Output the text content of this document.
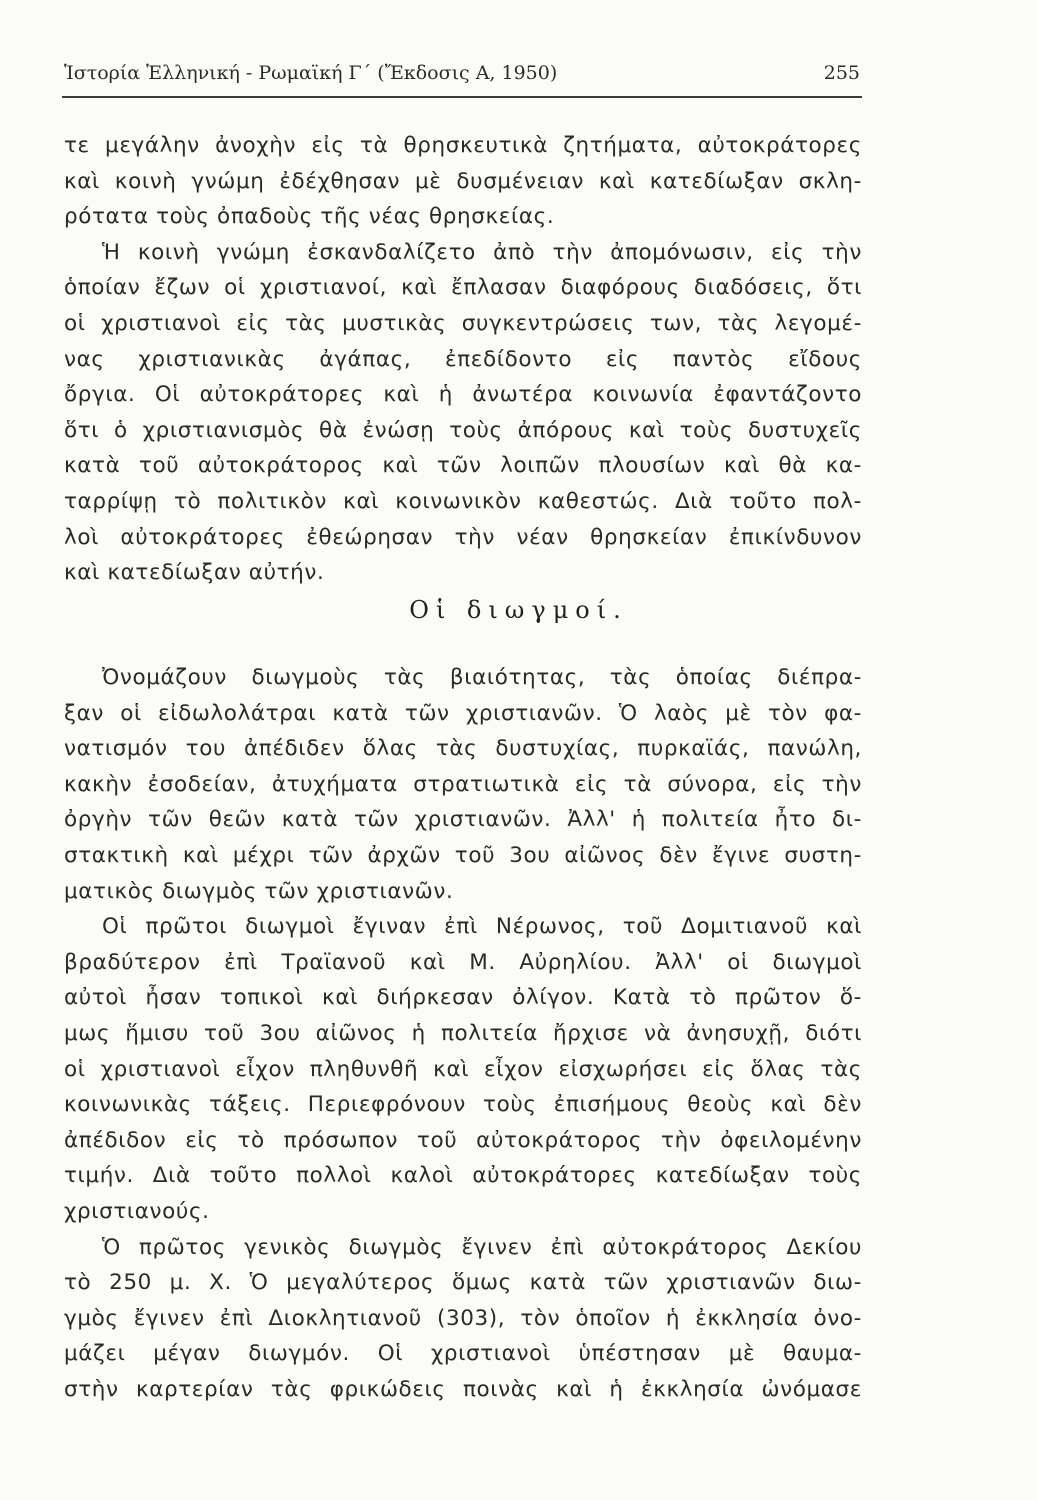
Ἱστορία Ἑλληνική - Ρωμαϊκή Γ΄ (Ἔκδοσις Α, 1950)	255
τε μεγάλην ἀνοχὴν εἰς τὰ θρησκευτικὰ ζητήματα, αὐτοκράτορες
καὶ κοινὴ γνώμη ἐδέχθησαν μὲ δυσμένειαν καὶ κατεδίωξαν σκλη-
ρότατα τοὺς ὀπαδοὺς τῆς νέας θρησκείας.
Ἡ κοινὴ γνώμη ἐσκανδαλίζετο ἀπὸ τὴν ἀπομόνωσιν, εἰς τὴν
ὁποίαν ἔζων οἱ χριστιανοί, καὶ ἔπλασαν διαφόρους διαδόσεις, ὅτι
οἱ χριστιανοὶ εἰς τὰς μυστικὰς συγκεντρώσεις των, τὰς λεγομέ-
νας χριστιανικὰς ἀγάπας, ἐπεδίδοντο εἰς παντὸς εἴδους
ὄργια. Οἱ αὐτοκράτορες καὶ ἡ ἀνωτέρα κοινωνία ἐφαντάζοντο
ὅτι ὁ χριστιανισμὸς θὰ ἐνώσῃ τοὺς ἀπόρους καὶ τοὺς δυστυχεῖς
κατὰ τοῦ αὐτοκράτορος καὶ τῶν λοιπῶν πλουσίων καὶ θὰ κα-
ταρρίψῃ τὸ πολιτικὸν καὶ κοινωνικὸν καθεστώς. Διὰ τοῦτο πολ-
λοὶ αὐτοκράτορες ἐθεώρησαν τὴν νέαν θρησκείαν ἐπικίνδυνον
καὶ κατεδίωξαν αὐτήν.
Οἱ διωγμοί.
Ὀνομάζουν διωγμοὺς τὰς βιαιότητας, τὰς ὁποίας διέπρα-
ξαν οἱ εἰδωλολάτραι κατὰ τῶν χριστιανῶν. Ὁ λαὸς μὲ τὸν φα-
νατισμόν του ἀπέδιδεν ὅλας τὰς δυστυχίας, πυρκαϊάς, πανώλη,
κακὴν ἐσοδείαν, ἀτυχήματα στρατιωτικὰ εἰς τὰ σύνορα, εἰς τὴν
ὀργὴν τῶν θεῶν κατὰ τῶν χριστιανῶν. Ἀλλ' ἡ πολιτεία ἦτο δι-
στακτικὴ καὶ μέχρι τῶν ἀρχῶν τοῦ 3ου αἰῶνος δὲν ἔγινε συστη-
ματικὸς διωγμὸς τῶν χριστιανῶν.
Οἱ πρῶτοι διωγμοὶ ἔγιναν ἐπὶ Νέρωνος, τοῦ Δομιτιανοῦ καὶ
βραδύτερον ἐπὶ Τραϊανοῦ καὶ Μ. Αὐρηλίου. Ἀλλ' οἱ διωγμοὶ
αὐτοὶ ἦσαν τοπικοὶ καὶ διήρκεσαν ὀλίγον. Κατὰ τὸ πρῶτον ὅ-
μως ἥμισυ τοῦ 3ου αἰῶνος ἡ πολιτεία ἤρχισε νὰ ἀνησυχῇ, διότι
οἱ χριστιανοὶ εἶχον πληθυνθῆ καὶ εἶχον εἰσχωρήσει εἰς ὅλας τὰς
κοινωνικὰς τάξεις. Περιεφρόνουν τοὺς ἐπισήμους θεοὺς καὶ δὲν
ἀπέδιδον εἰς τὸ πρόσωπον τοῦ αὐτοκράτορος τὴν ὀφειλομένην
τιμήν. Διὰ τοῦτο πολλοὶ καλοὶ αὐτοκράτορες κατεδίωξαν τοὺς
χριστιανούς.
Ὁ πρῶτος γενικὸς διωγμὸς ἔγινεν ἐπὶ αὐτοκράτορος Δεκίου
τὸ 250 μ. Χ. Ὁ μεγαλύτερος ὅμως κατὰ τῶν χριστιανῶν διω-
γμὸς ἔγινεν ἐπὶ Διοκλητιανοῦ (303), τὸν ὁποῖον ἡ ἐκκλησία ὀνο-
μάζει μέγαν διωγμόν. Οἱ χριστιανοὶ ὑπέστησαν μὲ θαυμα-
στὴν καρτερίαν τὰς φρικώδεις ποινὰς καὶ ἡ ἐκκλησία ὠνόμασε
